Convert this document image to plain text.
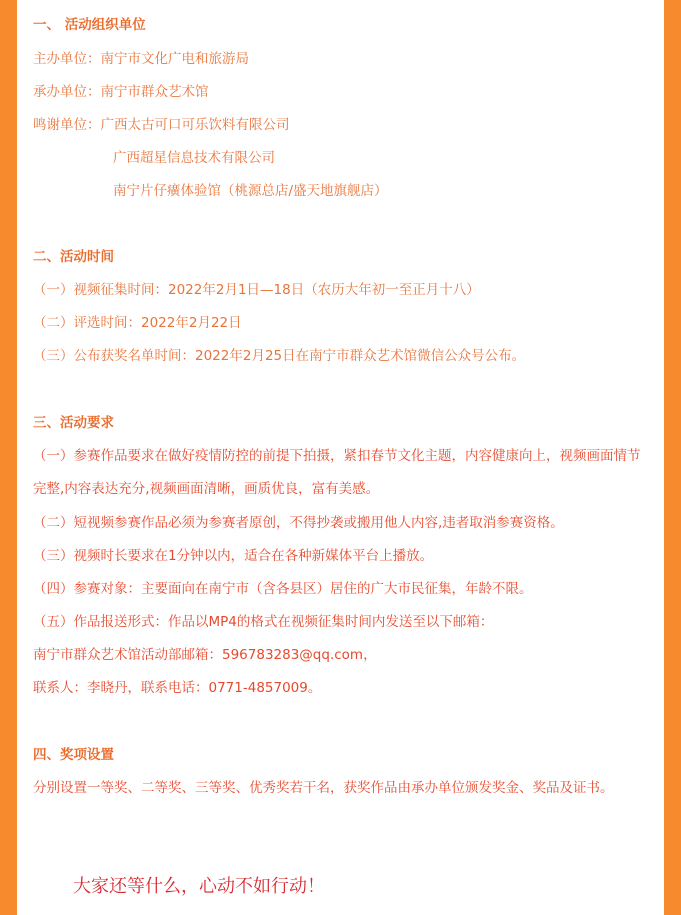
一、 活动组织单位
主办单位：南宁市文化广电和旅游局
承办单位：南宁市群众艺术馆
鸣谢单位：广西太古可口可乐饮料有限公司
广西超星信息技术有限公司
南宁片仔癀体验馆（桃源总店/盛天地旗舰店）
二、活动时间
（一）视频征集时间：2022年2月1日—18日（农历大年初一至正月十八）
（二）评选时间：2022年2月22日
（三）公布获奖名单时间：2022年2月25日在南宁市群众艺术馆微信公众号公布。
三、活动要求
（一）参赛作品要求在做好疫情防控的前提下拍摄，紧扣春节文化主题，内容健康向上，视频画面情节完整,内容表达充分,视频画面清晰，画质优良，富有美感。
（二）短视频参赛作品必须为参赛者原创，不得抄袭或搬用他人内容,违者取消参赛资格。
（三）视频时长要求在1分钟以内，适合在各种新媒体平台上播放。
（四）参赛对象：主要面向在南宁市（含各县区）居住的广大市民征集，年龄不限。
（五）作品报送形式：作品以MP4的格式在视频征集时间内发送至以下邮箱：
南宁市群众艺术馆活动部邮箱：596783283@qq.com，
联系人：李晓丹，联系电话：0771-4857009。
四、奖项设置
分别设置一等奖、二等奖、三等奖、优秀奖若干名，获奖作品由承办单位颁发奖金、奖品及证书。
大家还等什么，心动不如行动！
